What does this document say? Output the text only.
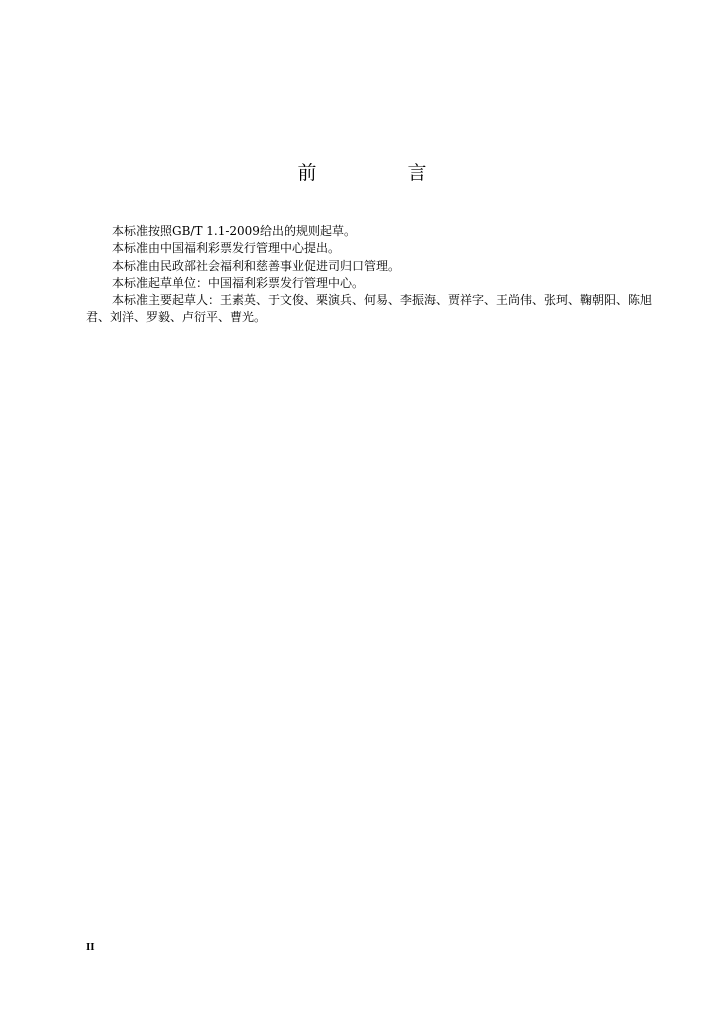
前　言

本标准按照GB/T 1.1-2009给出的规则起草。

本标准由中国福利彩票发行管理中心提出。

本标准由民政部社会福利和慈善事业促进司归口管理。

本标准起草单位：中国福利彩票发行管理中心。

本标准主要起草人：王素英、于文俊、栗演兵、何易、李振海、贾祥字、王尚伟、张珂、鞠朝阳、陈旭君、刘洋、罗毅、卢衍平、曹光。

II
